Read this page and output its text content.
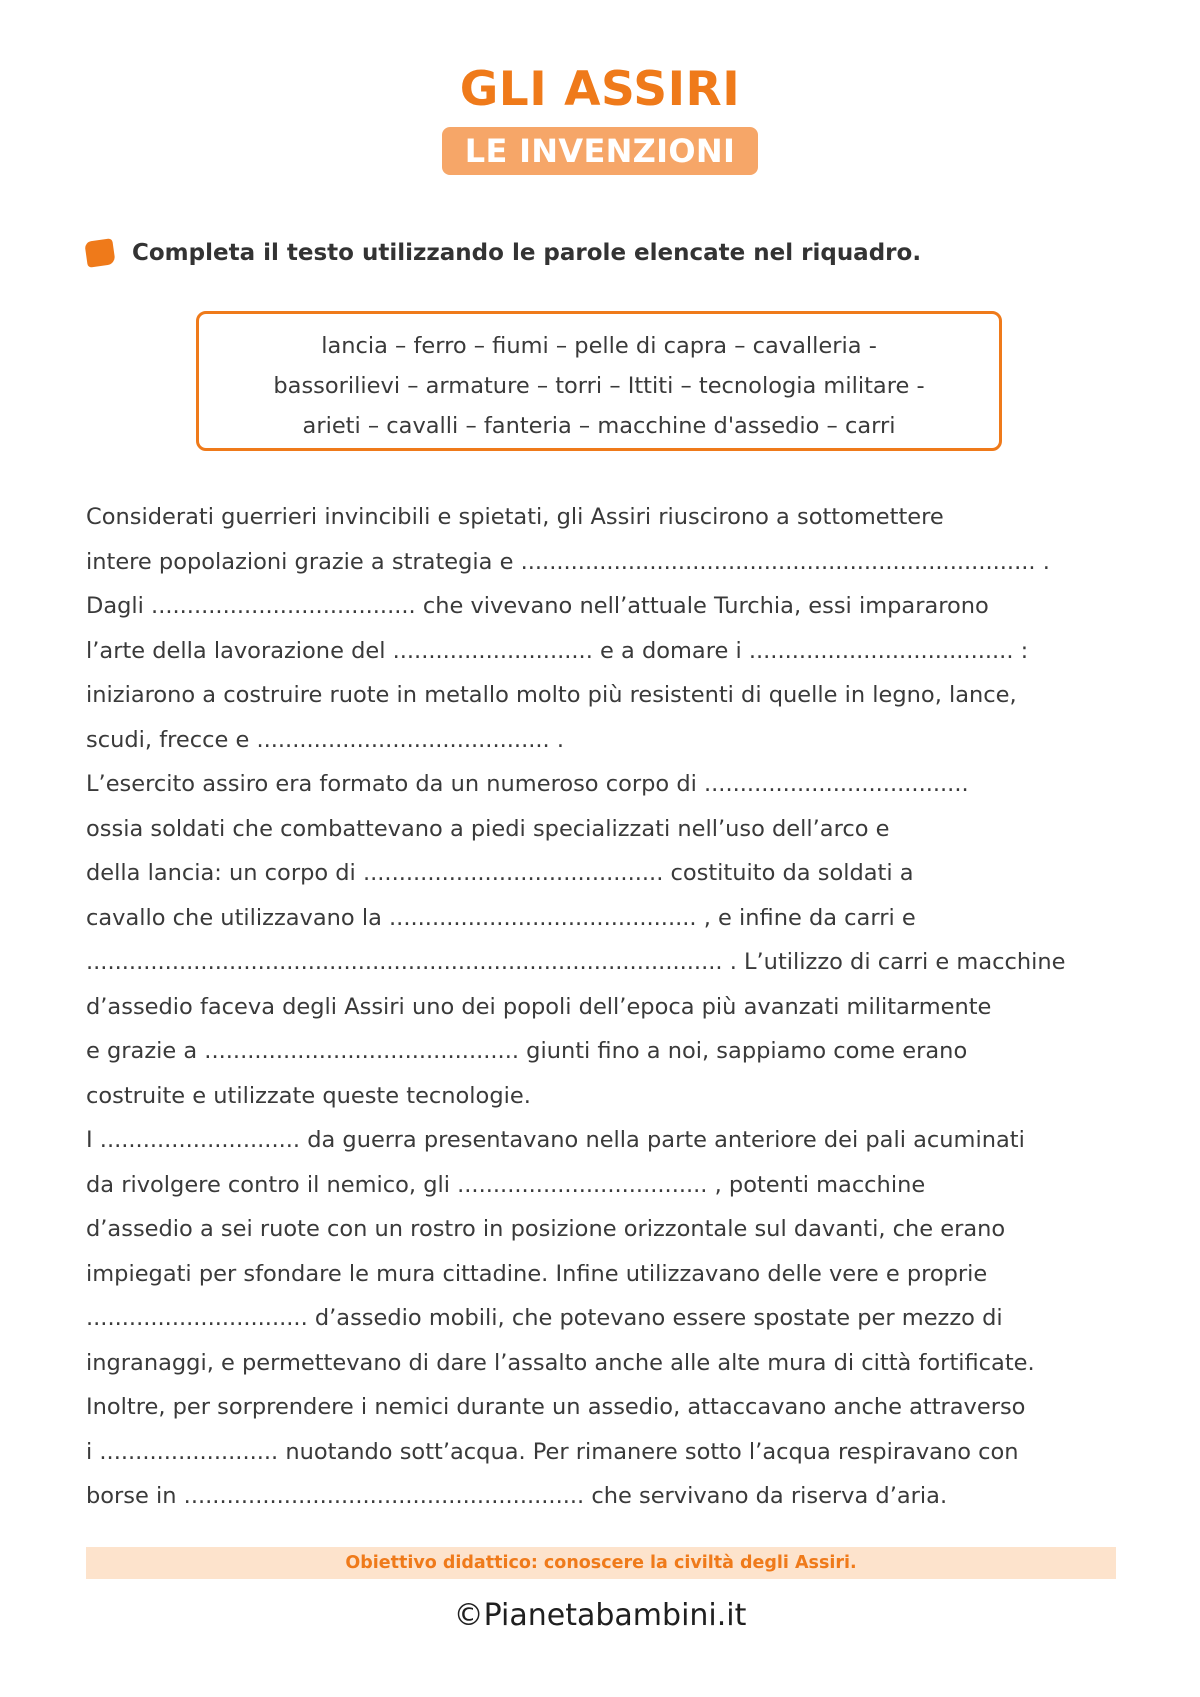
GLI ASSIRI
LE INVENZIONI
Completa il testo utilizzando le parole elencate nel riquadro.
lancia – ferro – fiumi – pelle di capra – cavalleria -
bassorilievi – armature – torri – Ittiti – tecnologia militare -
arieti – cavalli – fanteria – macchine d'assedio – carri
Considerati guerrieri invincibili e spietati, gli Assiri riuscirono a sottomettere
intere popolazioni grazie a strategia e ........................................................................ .
Dagli ..................................... che vivevano nell’attuale Turchia, essi impararono
l’arte della lavorazione del ............................ e a domare i ..................................... :
iniziarono a costruire ruote in metallo molto più resistenti di quelle in legno, lance,
scudi, frecce e ......................................... .
L’esercito assiro era formato da un numeroso corpo di .....................................
ossia soldati che combattevano a piedi specializzati nell’uso dell’arco e
della lancia: un corpo di .......................................... costituito da soldati a
cavallo che utilizzavano la ........................................... , e infine da carri e
......................................................................................... . L’utilizzo di carri e macchine
d’assedio faceva degli Assiri uno dei popoli dell’epoca più avanzati militarmente
e grazie a ............................................ giunti fino a noi, sappiamo come erano
costruite e utilizzate queste tecnologie.
I ............................ da guerra presentavano nella parte anteriore dei pali acuminati
da rivolgere contro il nemico, gli ................................... , potenti macchine
d’assedio a sei ruote con un rostro in posizione orizzontale sul davanti, che erano
impiegati per sfondare le mura cittadine. Infine utilizzavano delle vere e proprie
............................... d’assedio mobili, che potevano essere spostate per mezzo di
ingranaggi, e permettevano di dare l’assalto anche alle alte mura di città fortificate.
Inoltre, per sorprendere i nemici durante un assedio, attaccavano anche attraverso
i ......................... nuotando sott’acqua. Per rimanere sotto l’acqua respiravano con
borse in ........................................................ che servivano da riserva d’aria.
Obiettivo didattico: conoscere la civiltà degli Assiri.
©Pianetabambini.it
